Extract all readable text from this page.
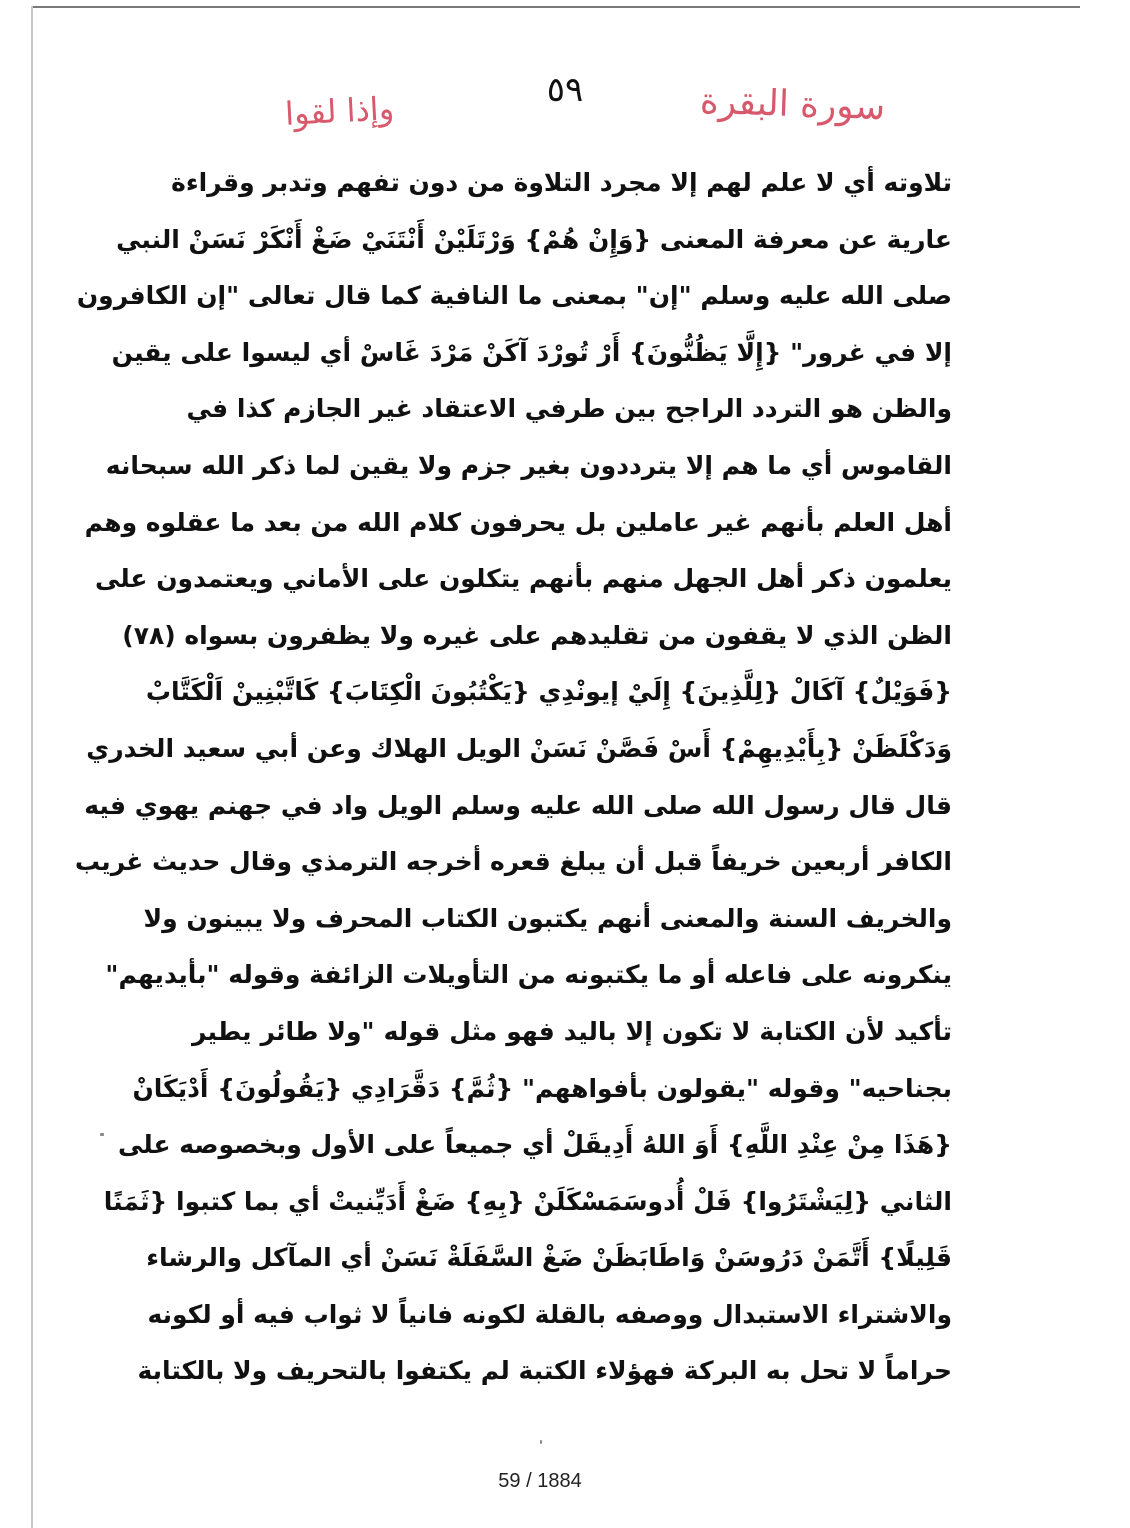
٥٩
وإذا لقوا	سورة البقرة
تلاوته أي لا علم لهم إلا مجرد التلاوة من دون تفهم وتدبر وقراءة
عارية عن معرفة المعنى {وَإِنْ هُمْ} وَرْتَلَيْنْ أَنْتَنَيْ ضَغْ أَنْكَرْ نَسَنْ النبي
صلى الله عليه وسلم "إن" بمعنى ما النافية كما قال تعالى "إن الكافرون
إلا في غرور" {إِلَّا يَظُنُّونَ} أَرْ تُورْدَ آكَنْ مَرْدَ غَاسْ أي ليسوا على يقين
والظن هو التردد الراجح بين طرفي الاعتقاد غير الجازم كذا في
القاموس أي ما هم إلا يترددون بغير جزم ولا يقين لما ذكر الله سبحانه
أهل العلم بأنهم غير عاملين بل يحرفون كلام الله من بعد ما عقلوه وهم
يعلمون ذكر أهل الجهل منهم بأنهم يتكلون على الأماني ويعتمدون على
الظن الذي لا يقفون من تقليدهم على غيره ولا يظفرون بسواه (٧٨)
{فَوَيْلٌ} آكَالْ {لِلَّذِينَ} إِلَيْ إيونْدِي {يَكْتُبُونَ الْكِتَابَ} كَاتَّبْنِينْ اَلْكَتَّابْ
وَدَكْلَظَنْ {بِأَيْدِيهِمْ} أَسْ فَصَّنْ نَسَنْ الويل الهلاك وعن أبي سعيد الخدري
قال قال رسول الله صلى الله عليه وسلم الويل واد في جهنم يهوي فيه
الكافر أربعين خريفاً قبل أن يبلغ قعره أخرجه الترمذي وقال حديث غريب
والخريف السنة والمعنى أنهم يكتبون الكتاب المحرف ولا يبينون ولا
ينكرونه على فاعله أو ما يكتبونه من التأويلات الزائفة وقوله "بأيديهم"
تأكيد لأن الكتابة لا تكون إلا باليد فهو مثل قوله "ولا طائر يطير
بجناحيه" وقوله "يقولون بأفواههم" {ثُمَّ} دَقَّرَادِي {يَقُولُونَ} أَدْيَكَانْ
{هَذَا مِنْ عِنْدِ اللَّهِ} أَوَ اللهُ أَدِيقَلْ أي جميعاً على الأول وبخصوصه على
الثاني {لِيَشْتَرُوا} فَلْ أُدوسَمَسْكَلَنْ {بِهِ} ضَغْ أَدَيِّنيتْ أي بما كتبوا {ثَمَنًا
قَلِيلًا} أَتَّمَنْ دَرُوسَنْ وَاطَابَظَنْ ضَغْ السَّفَلَةْ نَسَنْ أي المآكل والرشاء
والاشتراء الاستبدال ووصفه بالقلة لكونه فانياً لا ثواب فيه أو لكونه
حراماً لا تحل به البركة فهؤلاء الكتبة لم يكتفوا بالتحريف ولا بالكتابة
59 / 1884
